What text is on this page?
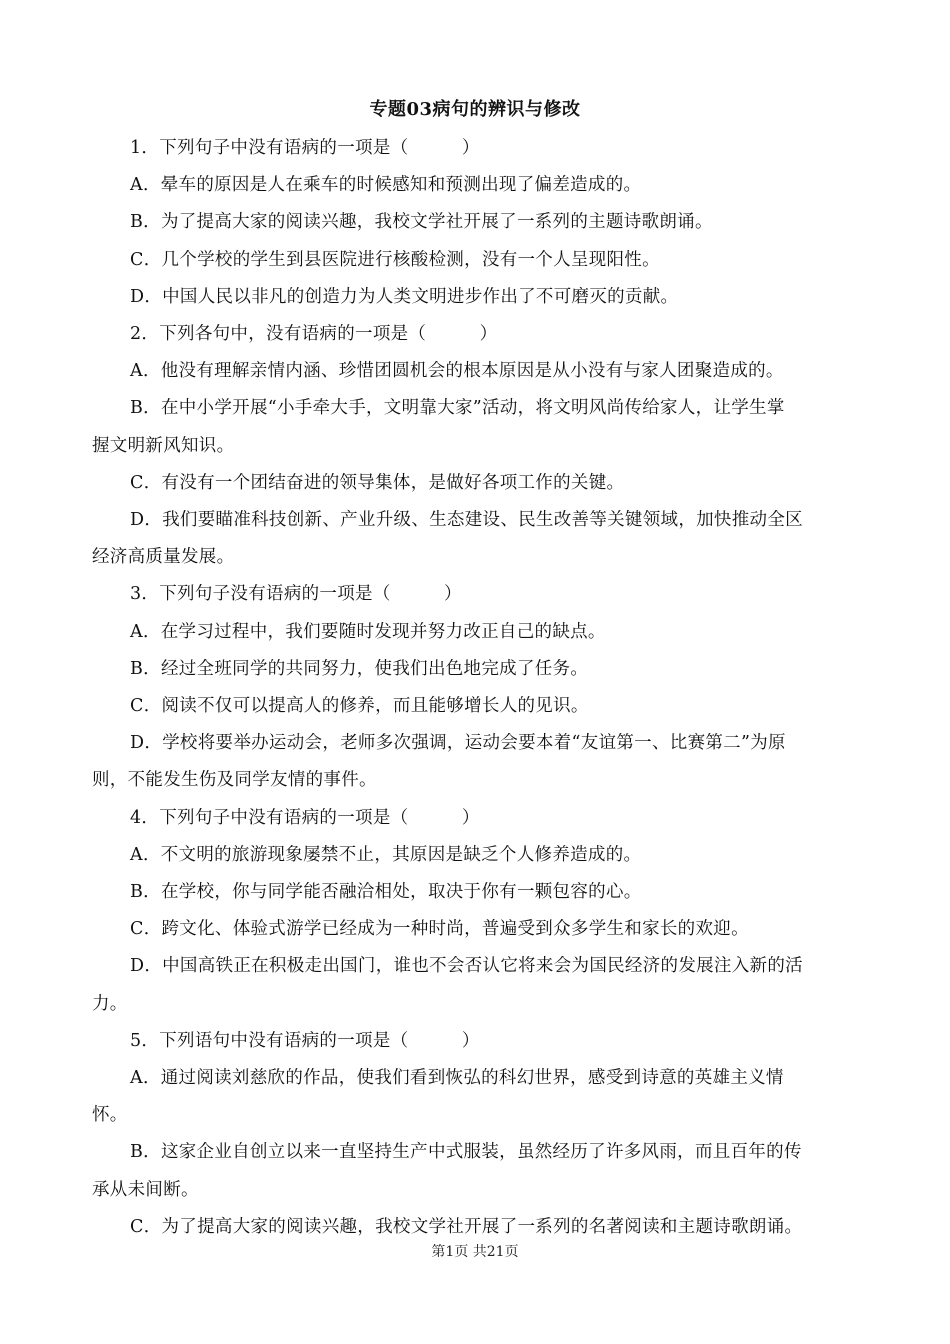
专题03病句的辨识与修改
1．下列句子中没有语病的一项是（　　　）
A．晕车的原因是人在乘车的时候感知和预测出现了偏差造成的。
B．为了提高大家的阅读兴趣，我校文学社开展了一系列的主题诗歌朗诵。
C．几个学校的学生到县医院进行核酸检测，没有一个人呈现阳性。
D．中国人民以非凡的创造力为人类文明进步作出了不可磨灭的贡献。
2．下列各句中，没有语病的一项是（　　　）
A．他没有理解亲情内涵、珍惜团圆机会的根本原因是从小没有与家人团聚造成的。
B．在中小学开展“小手牵大手，文明靠大家”活动，将文明风尚传给家人，让学生掌
握文明新风知识。
C．有没有一个团结奋进的领导集体，是做好各项工作的关键。
D．我们要瞄准科技创新、产业升级、生态建设、民生改善等关键领域，加快推动全区
经济高质量发展。
3．下列句子没有语病的一项是（　　　）
A．在学习过程中，我们要随时发现并努力改正自己的缺点。
B．经过全班同学的共同努力，使我们出色地完成了任务。
C．阅读不仅可以提高人的修养，而且能够增长人的见识。
D．学校将要举办运动会，老师多次强调，运动会要本着“友谊第一、比赛第二”为原
则，不能发生伤及同学友情的事件。
4．下列句子中没有语病的一项是（　　　）
A．不文明的旅游现象屡禁不止，其原因是缺乏个人修养造成的。
B．在学校，你与同学能否融洽相处，取决于你有一颗包容的心。
C．跨文化、体验式游学已经成为一种时尚，普遍受到众多学生和家长的欢迎。
D．中国高铁正在积极走出国门，谁也不会否认它将来会为国民经济的发展注入新的活
力。
5．下列语句中没有语病的一项是（　　　）
A．通过阅读刘慈欣的作品，使我们看到恢弘的科幻世界，感受到诗意的英雄主义情
怀。
B．这家企业自创立以来一直坚持生产中式服装，虽然经历了许多风雨，而且百年的传
承从未间断。
C．为了提高大家的阅读兴趣，我校文学社开展了一系列的名著阅读和主题诗歌朗诵。
第1页 共21页
